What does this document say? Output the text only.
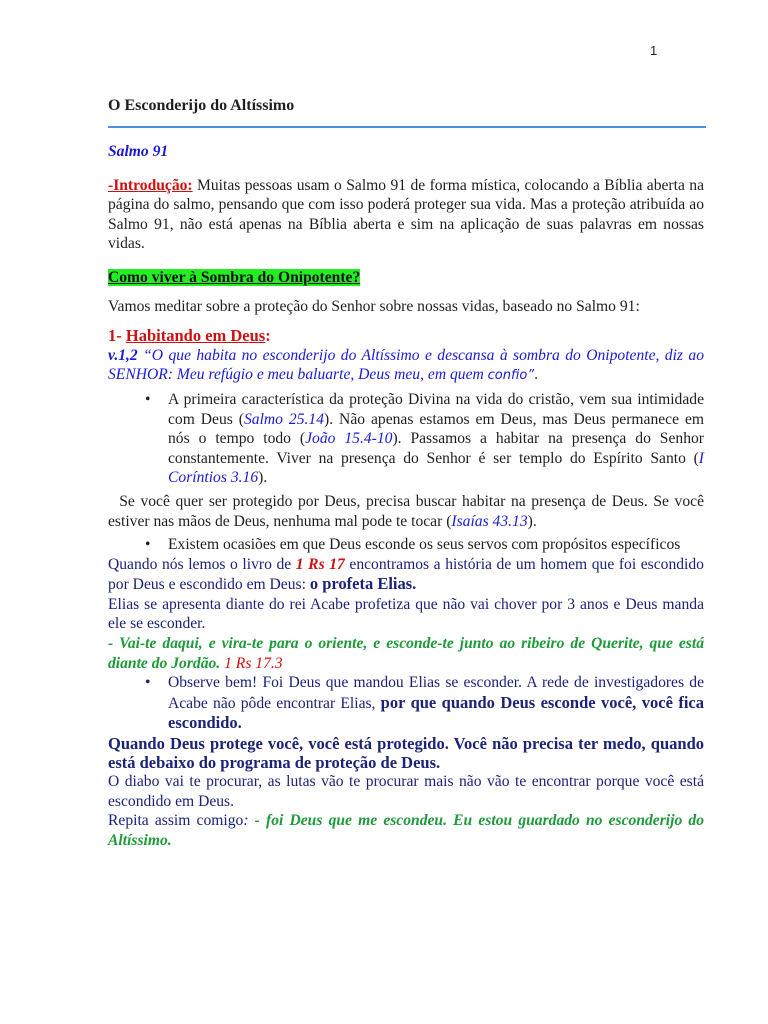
1
O Esconderijo do Altíssimo
Salmo 91

-Introdução: Muitas pessoas usam o Salmo 91 de forma mística, colocando a Bíblia aberta na página do salmo, pensando que com isso poderá proteger sua vida. Mas a proteção atribuída ao Salmo 91, não está apenas na Bíblia aberta e sim na aplicação de suas palavras em nossas vidas.

Como viver à Sombra do Onipotente?

Vamos meditar sobre a proteção do Senhor sobre nossas vidas, baseado no Salmo 91:

1- Habitando em Deus:

v.1,2 “O que habita no esconderijo do Altíssimo e descansa à sombra do Onipotente, diz ao SENHOR: Meu refúgio e meu baluarte, Deus meu, em quem confio”.

• A primeira característica da proteção Divina na vida do cristão, vem sua intimidade com Deus (Salmo 25.14). Não apenas estamos em Deus, mas Deus permanece em nós o tempo todo (João 15.4-10). Passamos a habitar na presença do Senhor constantemente. Viver na presença do Senhor é ser templo do Espírito Santo (I Coríntios 3.16).

Se você quer ser protegido por Deus, precisa buscar habitar na presença de Deus. Se você estiver nas mãos de Deus, nenhuma mal pode te tocar (Isaías 43.13).

• Existem ocasiões em que Deus esconde os seus servos com propósitos específicos

Quando nós lemos o livro de 1 Rs 17 encontramos a história de um homem que foi escondido por Deus e escondido em Deus: o profeta Elias.

Elias se apresenta diante do rei Acabe profetiza que não vai chover por 3 anos e Deus manda ele se esconder.

- Vai-te daqui, e vira-te para o oriente, e esconde-te junto ao ribeiro de Querite, que está diante do Jordão. 1 Rs 17.3

• Observe bem! Foi Deus que mandou Elias se esconder. A rede de investigadores de Acabe não pôde encontrar Elias, por que quando Deus esconde você, você fica escondido.

Quando Deus protege você, você está protegido. Você não precisa ter medo, quando está debaixo do programa de proteção de Deus.

O diabo vai te procurar, as lutas vão te procurar mais não vão te encontrar porque você está escondido em Deus.

Repita assim comigo: - foi Deus que me escondeu. Eu estou guardado no esconderijo do Altíssimo.
